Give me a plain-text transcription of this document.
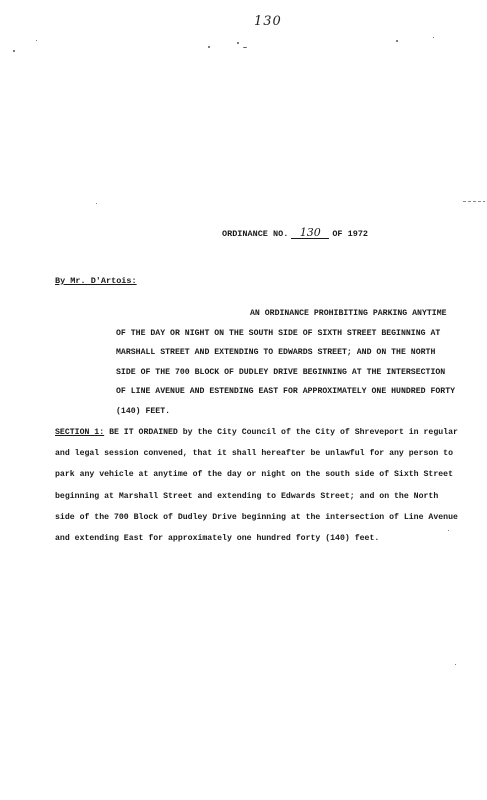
130
ORDINANCE NO.	130	OF 1972
By Mr. D'Artois:
AN ORDINANCE PROHIBITING PARKING ANYTIME
OF THE DAY OR NIGHT ON THE SOUTH SIDE OF SIXTH STREET BEGINNING AT
MARSHALL STREET AND EXTENDING TO EDWARDS STREET; AND ON THE NORTH
SIDE OF THE 700 BLOCK OF DUDLEY DRIVE BEGINNING AT THE INTERSECTION
OF LINE AVENUE AND ESTENDING EAST FOR APPROXIMATELY ONE HUNDRED FORTY
(140) FEET.
SECTION 1: BE IT ORDAINED by the City Council of the City of Shreveport in regular
and legal session convened, that it shall hereafter be unlawful for any person to
park any vehicle at anytime of the day or night on the south side of Sixth Street
beginning at Marshall Street and extending to Edwards Street; and on the North
side of the 700 Block of Dudley Drive beginning at the intersection of Line Avenue
and extending East for approximately one hundred forty (140) feet.
